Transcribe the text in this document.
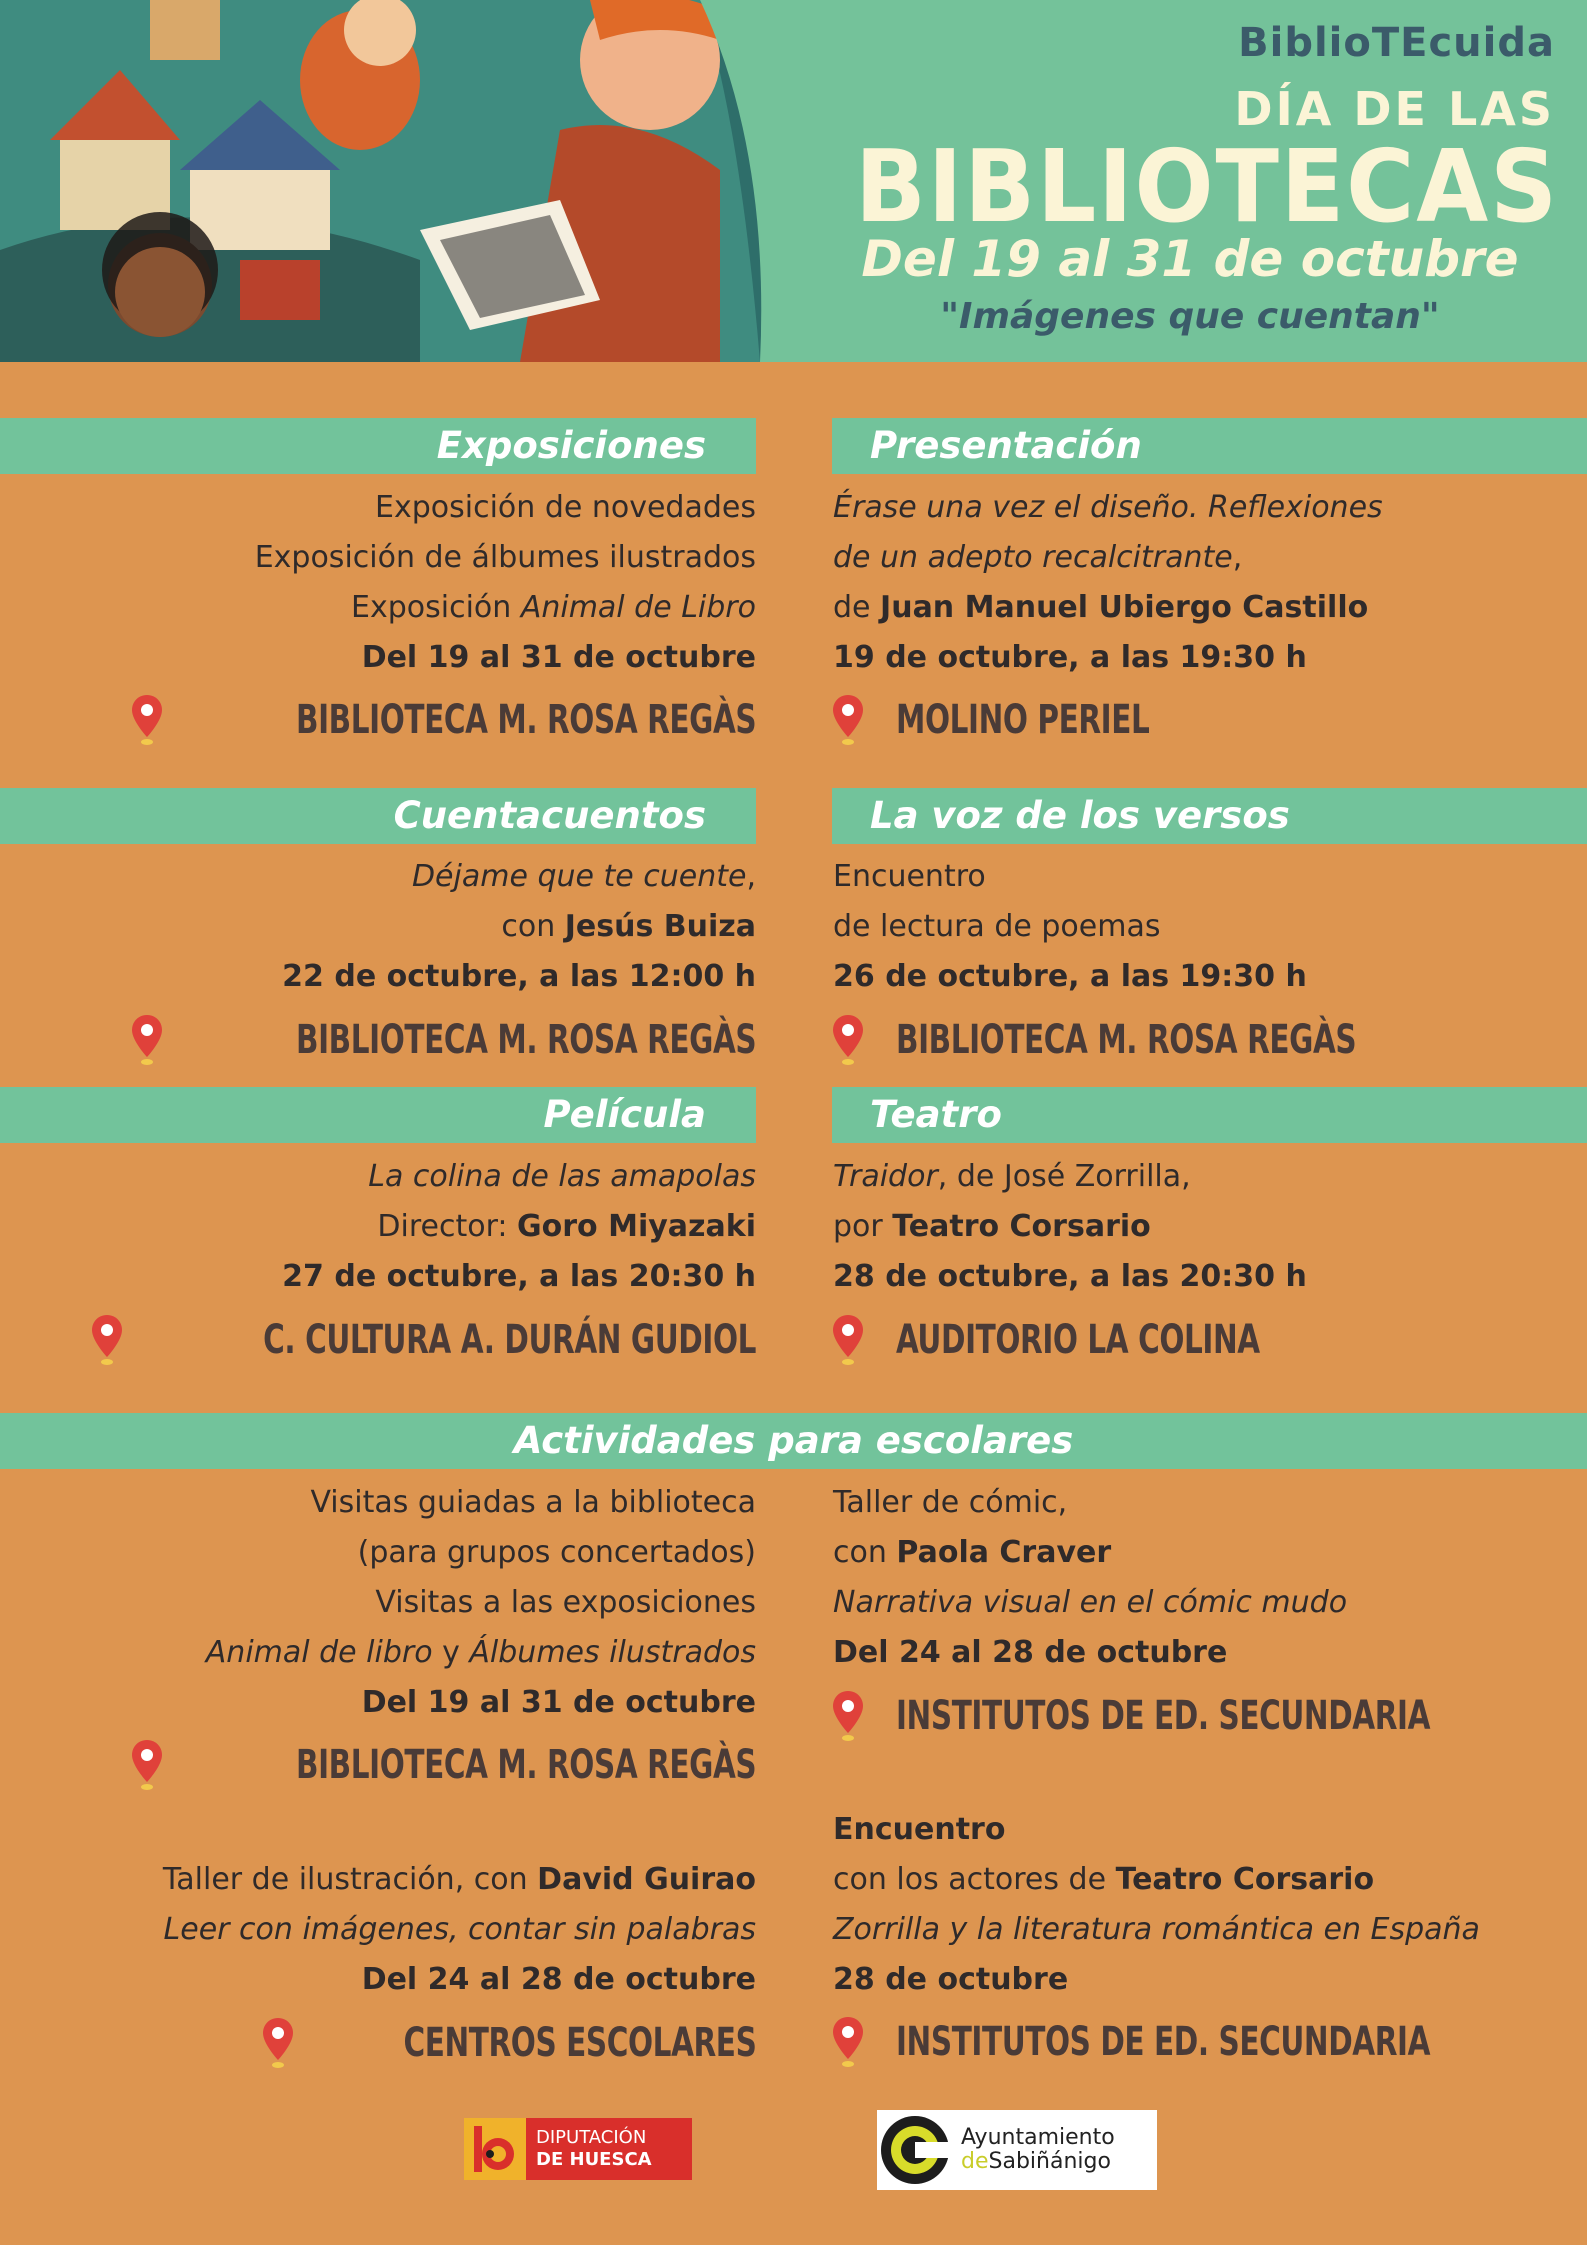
BiblioTEcuida
DÍA DE LAS
BIBLIOTECAS
Del 19 al 31 de octubre
"Imágenes que cuentan"
Exposiciones	Presentación
Exposición de novedades
Exposición de álbumes ilustrados
Exposición Animal de Libro
Del 19 al 31 de octubre
BIBLIOTECA M. ROSA REGÀS
Érase una vez el diseño. Reflexiones
de un adepto recalcitrante,
de Juan Manuel Ubiergo Castillo
19 de octubre, a las 19:30 h
MOLINO PERIEL
Cuentacuentos	La voz de los versos
Déjame que te cuente,
con Jesús Buiza
22 de octubre, a las 12:00 h
BIBLIOTECA M. ROSA REGÀS
Encuentro
de lectura de poemas
26 de octubre, a las 19:30 h
BIBLIOTECA M. ROSA REGÀS
Película	Teatro
La colina de las amapolas
Director: Goro Miyazaki
27 de octubre, a las 20:30 h
C. CULTURA A. DURÁN GUDIOL
Traidor, de José Zorrilla,
por Teatro Corsario
28 de octubre, a las 20:30 h
AUDITORIO LA COLINA
Actividades para escolares
Visitas guiadas a la biblioteca
(para grupos concertados)
Visitas a las exposiciones
Animal de libro y Álbumes ilustrados
Del 19 al 31 de octubre
BIBLIOTECA M. ROSA REGÀS
Taller de cómic,
con Paola Craver
Narrativa visual en el cómic mudo
Del 24 al 28 de octubre
INSTITUTOS DE ED. SECUNDARIA
Taller de ilustración, con David Guirao
Leer con imágenes, contar sin palabras
Del 24 al 28 de octubre
CENTROS ESCOLARES
Encuentro
con los actores de Teatro Corsario
Zorrilla y la literatura romántica en España
28 de octubre
INSTITUTOS DE ED. SECUNDARIA
DIPUTACIÓN
DE HUESCA
Ayuntamiento
deSabiñánigo
